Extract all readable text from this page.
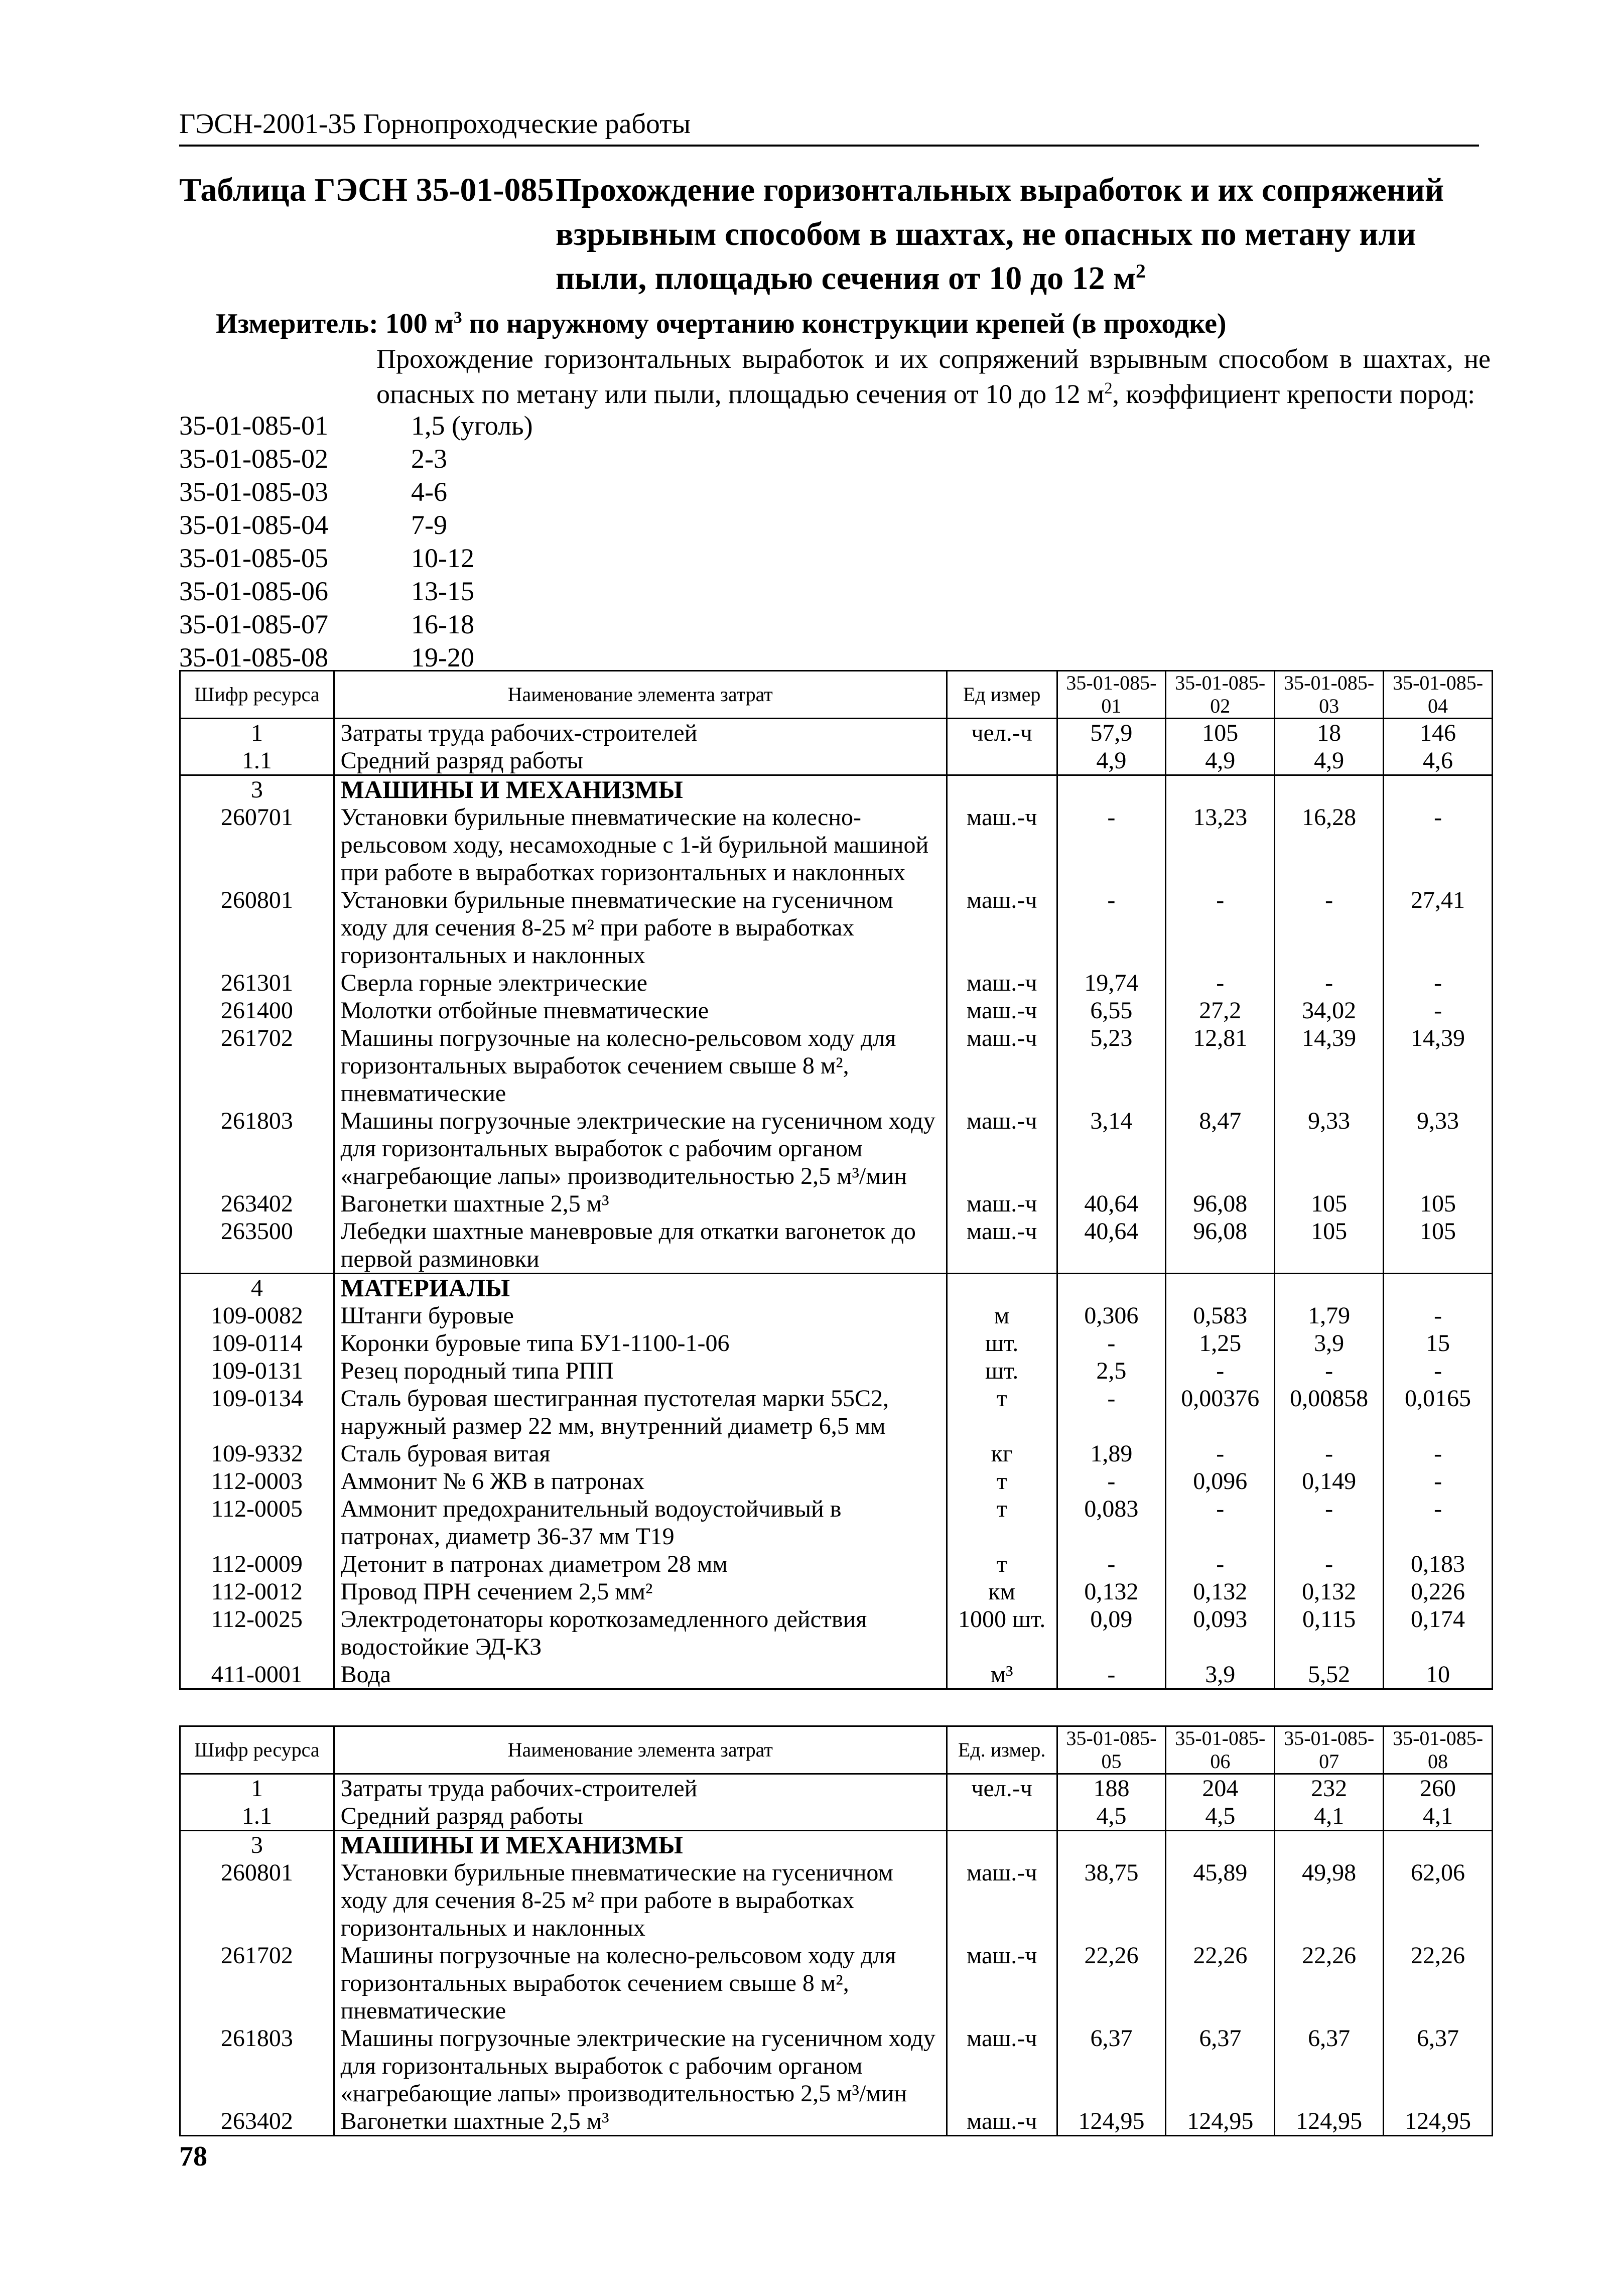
ГЭСН-2001-35 Горнопроходческие работы
Таблица ГЭСН 35-01-085 Прохождение горизонтальных выработок и их сопряжений взрывным способом в шахтах, не опасных по метану или пыли, площадью сечения от 10 до 12 $м^2$
Измеритель: 100 $м^3$ по наружному очертанию конструкции крепей (в проходке)
Прохождение горизонтальных выработок и их сопряжений взрывным способом в шахтах, не опасных по метану или пыли, площадью сечения от 10 до 12 $м^2$, коэффициент крепости пород:
35-01-085-01	1,5 (уголь)
35-01-085-02	2-3
35-01-085-03	4-6
35-01-085-04	7-9
35-01-085-05	10-12
35-01-085-06	13-15
35-01-085-07	16-18
35-01-085-08	19-20
Шифр ресурса	Наименование элемента затрат	Ед измер	35-01-085-01	35-01-085-02	35-01-085-03	35-01-085-04
1	Затраты труда рабочих-строителей	чел.-ч	57,9	105	18	146
1.1	Средний разряд работы		4,9	4,9	4,9	4,6
3	МАШИНЫ И МЕХАНИЗМЫ					
260701	Установки бурильные пневматические на колесно-рельсовом ходу, несамоходные с 1-й бурильной машиной при работе в выработках горизонтальных и наклонных	маш.-ч	-	13,23	16,28	-
260801	Установки бурильные пневматические на гусеничном ходу для сечения 8-25 м² при работе в выработках горизонтальных и наклонных	маш.-ч	-	-	-	27,41
261301	Сверла горные электрические	маш.-ч	19,74	-	-	-
261400	Молотки отбойные пневматические	маш.-ч	6,55	27,2	34,02	-
261702	Машины погрузочные на колесно-рельсовом ходу для горизонтальных выработок сечением свыше 8 м², пневматические	маш.-ч	5,23	12,81	14,39	14,39
261803	Машины погрузочные электрические на гусеничном ходу для горизонтальных выработок с рабочим органом «нагребающие лапы» производительностью 2,5 м³/мин	маш.-ч	3,14	8,47	9,33	9,33
263402	Вагонетки шахтные 2,5 м³	маш.-ч	40,64	96,08	105	105
263500	Лебедки шахтные маневровые для откатки вагонеток до первой разминовки	маш.-ч	40,64	96,08	105	105
4	МАТЕРИАЛЫ					
109-0082	Штанги буровые	м	0,306	0,583	1,79	-
109-0114	Коронки буровые типа БУ1-1100-1-06	шт.	-	1,25	3,9	15
109-0131	Резец породный типа РПП	шт.	2,5	-	-	-
109-0134	Сталь буровая шестигранная пустотелая марки 55С2, наружный размер 22 мм, внутренний диаметр 6,5 мм	т	-	0,00376	0,00858	0,0165
109-9332	Сталь буровая витая	кг	1,89	-	-	-
112-0003	Аммонит № 6 ЖВ в патронах	т	-	0,096	0,149	-
112-0005	Аммонит предохранительный водоустойчивый в патронах, диаметр 36-37 мм Т19	т	0,083	-	-	-
112-0009	Детонит в патронах диаметром 28 мм	т	-	-	-	0,183
112-0012	Провод ПРН сечением 2,5 мм²	км	0,132	0,132	0,132	0,226
112-0025	Электродетонаторы короткозамедленного действия водостойкие ЭД-КЗ	1000 шт.	0,09	0,093	0,115	0,174
411-0001	Вода	м³	-	3,9	5,52	10
Шифр ресурса	Наименование элемента затрат	Ед. измер.	35-01-085-05	35-01-085-06	35-01-085-07	35-01-085-08
1	Затраты труда рабочих-строителей	чел.-ч	188	204	232	260
1.1	Средний разряд работы		4,5	4,5	4,1	4,1
3	МАШИНЫ И МЕХАНИЗМЫ					
260801	Установки бурильные пневматические на гусеничном ходу для сечения 8-25 м² при работе в выработках горизонтальных и наклонных	маш.-ч	38,75	45,89	49,98	62,06
261702	Машины погрузочные на колесно-рельсовом ходу для горизонтальных выработок сечением свыше 8 м², пневматические	маш.-ч	22,26	22,26	22,26	22,26
261803	Машины погрузочные электрические на гусеничном ходу для горизонтальных выработок с рабочим органом «нагребающие лапы» производительностью 2,5 м³/мин	маш.-ч	6,37	6,37	6,37	6,37
263402	Вагонетки шахтные 2,5 м³	маш.-ч	124,95	124,95	124,95	124,95
78
